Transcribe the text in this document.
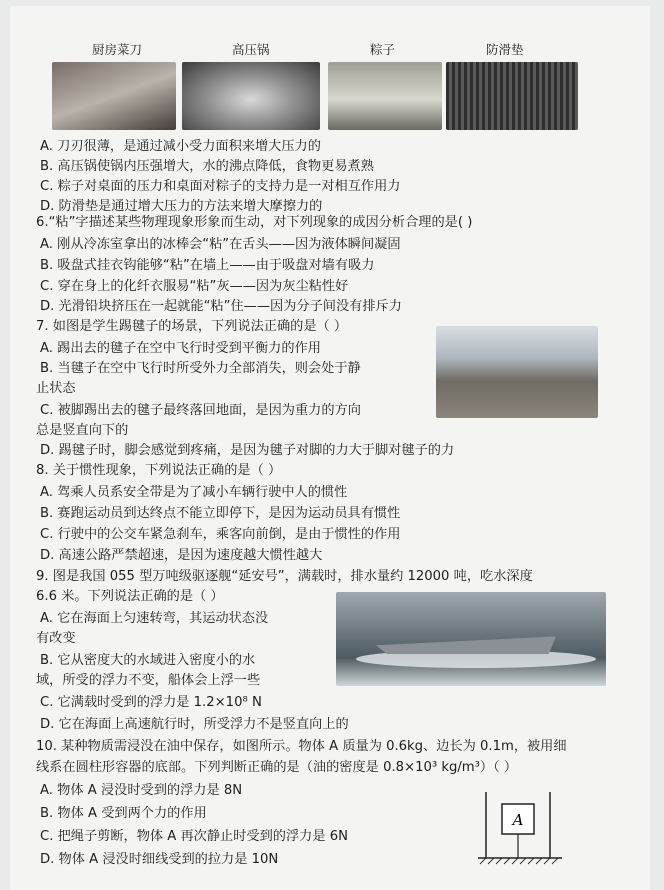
厨房菜刀	高压锅	粽子	防滑垫
A. 刀刃很薄，是通过减小受力面积来增大压力的
B. 高压锅使锅内压强增大，水的沸点降低，食物更易煮熟
C. 粽子对桌面的压力和桌面对粽子的支持力是一对相互作用力
D. 防滑垫是通过增大压力的方法来增大摩擦力的
6.“粘”字描述某些物理现象形象而生动，对下列现象的成因分析合理的是( )
A. 刚从冷冻室拿出的冰棒会“粘”在舌头——因为液体瞬间凝固
B. 吸盘式挂衣钩能够“粘”在墙上——由于吸盘对墙有吸力
C. 穿在身上的化纤衣服易“粘”灰——因为灰尘粘性好
D. 光滑铅块挤压在一起就能“粘”住——因为分子间没有排斥力
7. 如图是学生踢毽子的场景，下列说法正确的是（ ）
A. 踢出去的毽子在空中飞行时受到平衡力的作用
B. 当毽子在空中飞行时所受外力全部消失，则会处于静
止状态
C. 被脚踢出去的毽子最终落回地面，是因为重力的方向
总是竖直向下的
D. 踢毽子时，脚会感觉到疼痛，是因为毽子对脚的力大于脚对毽子的力
8. 关于惯性现象，下列说法正确的是（ ）
A. 驾乘人员系安全带是为了减小车辆行驶中人的惯性
B. 赛跑运动员到达终点不能立即停下，是因为运动员具有惯性
C. 行驶中的公交车紧急刹车，乘客向前倒，是由于惯性的作用
D. 高速公路严禁超速，是因为速度越大惯性越大
9. 图是我国 055 型万吨级驱逐舰“延安号”，满载时，排水量约 12000 吨，吃水深度
6.6 米。下列说法正确的是（ ）
A. 它在海面上匀速转弯，其运动状态没
有改变
B. 它从密度大的水域进入密度小的水
域，所受的浮力不变，船体会上浮一些
C. 它满载时受到的浮力是 1.2×10⁸ N
D. 它在海面上高速航行时，所受浮力不是竖直向上的
10. 某种物质需浸没在油中保存，如图所示。物体 A 质量为 0.6kg、边长为 0.1m，被用细
线系在圆柱形容器的底部。下列判断正确的是（油的密度是 0.8×10³ kg/m³）（ ）
A. 物体 A 浸没时受到的浮力是 8N
B. 物体 A 受到两个力的作用
C. 把绳子剪断，物体 A 再次静止时受到的浮力是 6N
D. 物体 A 浸没时细线受到的拉力是 10N
A
